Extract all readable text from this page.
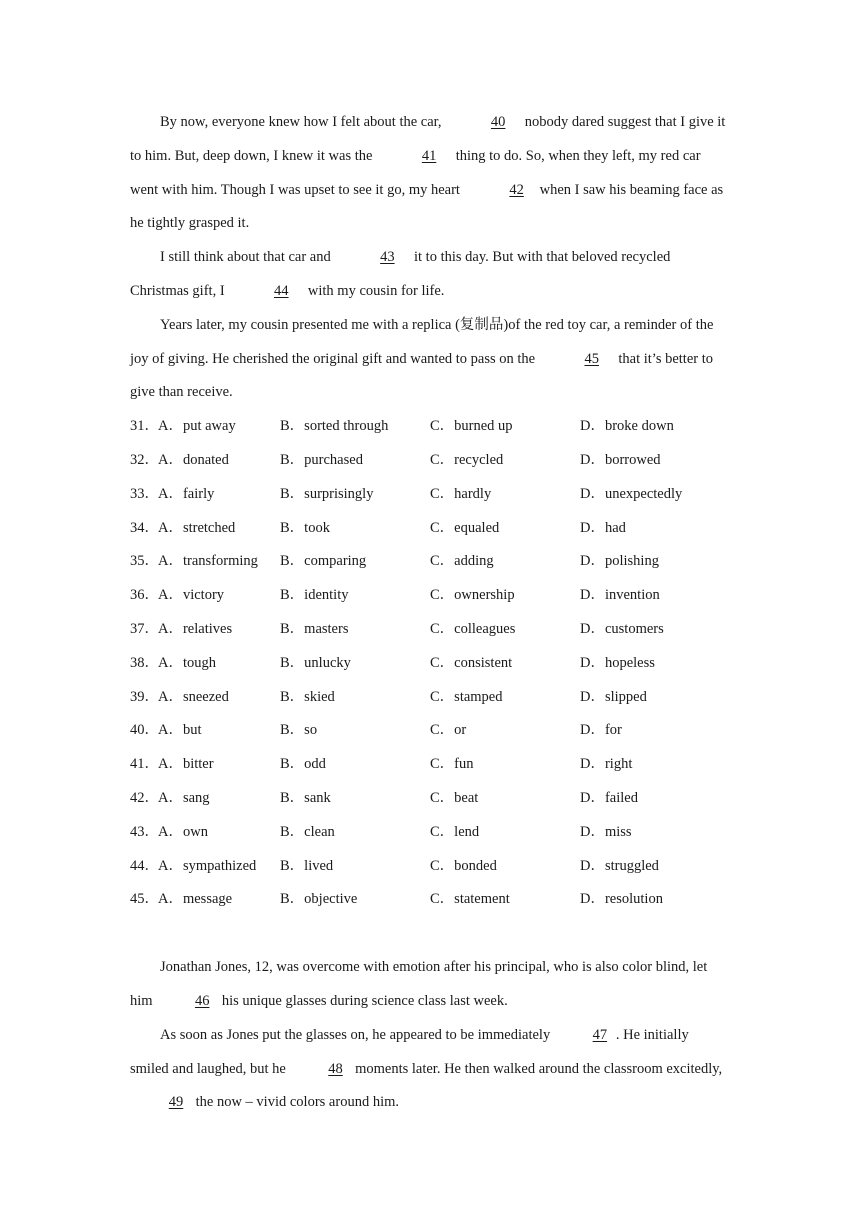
By now, everyone knew how I felt about the car,	40 nobody dared suggest that I give it to him. But, deep down, I knew it was the	41 thing to do. So, when they left, my red car went with him. Though I was upset to see it go, my heart	42 when I saw his beaming face as he tightly grasped it.

I still think about that car and	43 it to this day. But with that beloved recycled Christmas gift, I	44 with my cousin for life.

Years later, my cousin presented me with a replica (复制品)of the red toy car, a reminder of the joy of giving. He cherished the original gift and wanted to pass on the	45 that it’s better to give than receive.

31． A．put away	B．sorted through	C．burned up	D．broke down
32． A．donated	B．purchased	C．recycled	D．borrowed
33． A．fairly	B．surprisingly	C．hardly	D．unexpectedly
34． A．stretched	B．took	C．equaled	D．had
35． A．transforming B．comparing	C．adding	D．polishing
36． A．victory	B．identity	C．ownership	D．invention
37． A．relatives	B．masters	C．colleagues	D．customers
38． A．tough	B．unlucky	C．consistent	D．hopeless
39． A．sneezed	B．skied	C．stamped	D．slipped
40． A．but	B．so	C．or	D．for
41． A．bitter	B．odd	C．fun	D．right
42． A．sang	B．sank	C．beat	D．failed
43． A．own	B．clean	C．lend	D．miss
44． A．sympathized B．lived	C．bonded	D．struggled
45． A．message	B．objective	C．statement	D．resolution

Jonathan Jones, 12, was overcome with emotion after his principal, who is also color blind, let him	46 his unique glasses during science class last week.

As soon as Jones put the glasses on, he appeared to be immediately	47 . He initially smiled and laughed, but he	48 moments later. He then walked around the classroom excitedly, 49 the now – vivid colors around him.
